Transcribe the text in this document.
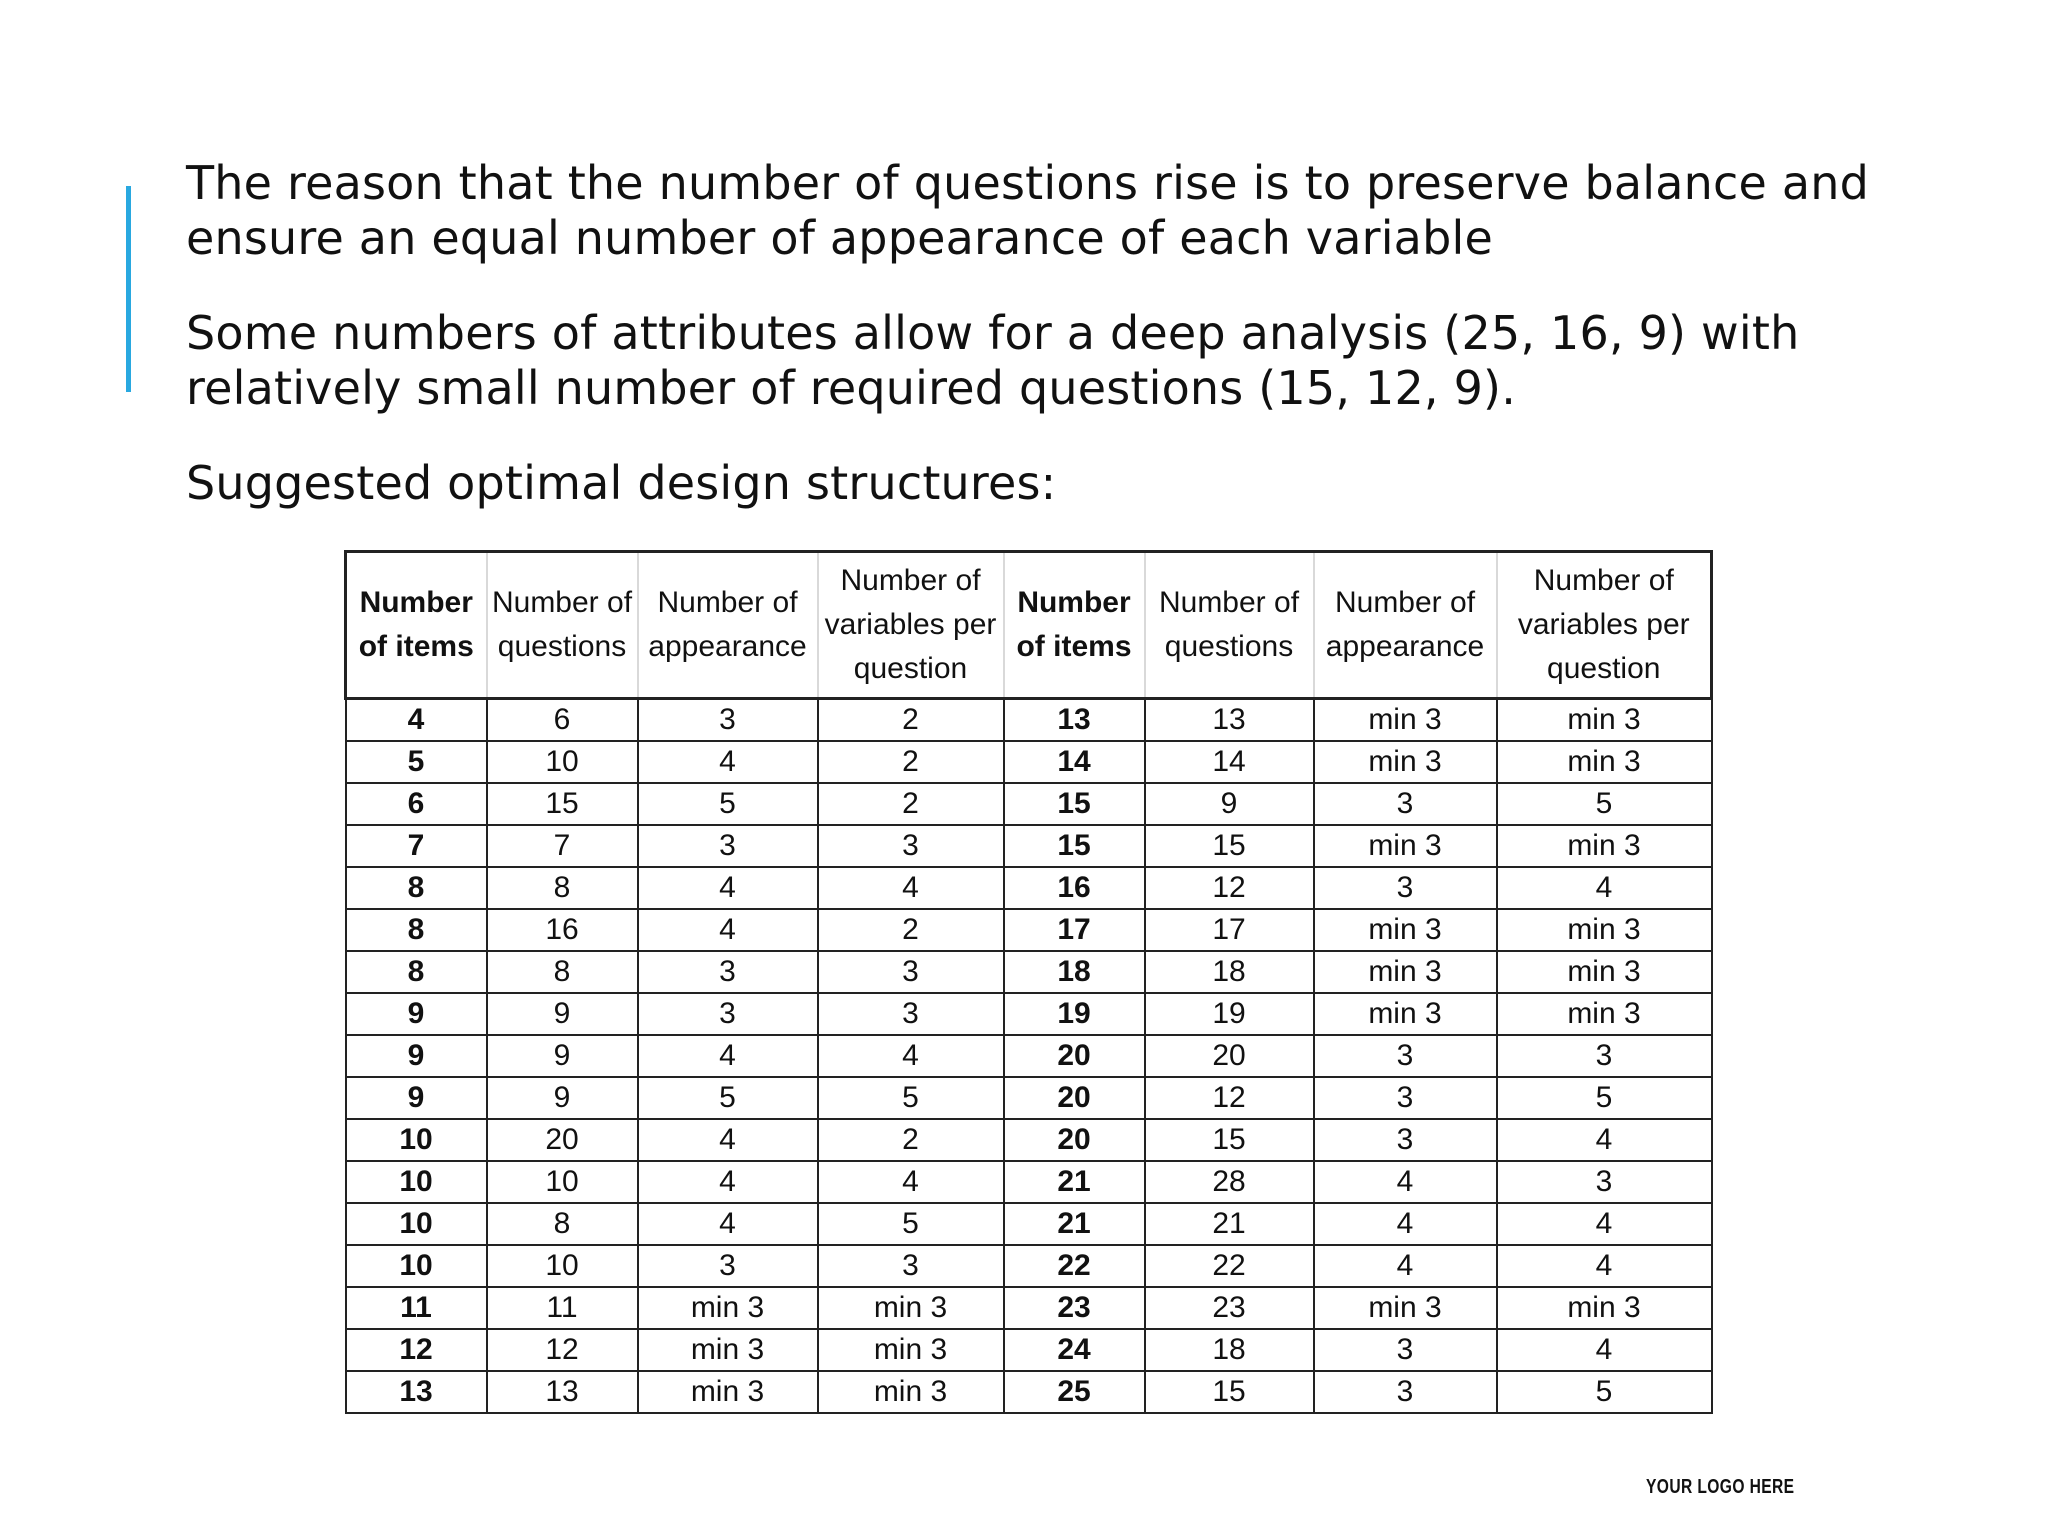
The reason that the number of questions rise is to preserve balance and ensure an equal number of appearance of each variable

Some numbers of attributes allow for a deep analysis (25, 16, 9) with relatively small number of required questions (15, 12, 9).

Suggested optimal design structures:

Number of items	Number of questions	Number of appearance	Number of variables per question	Number of items	Number of questions	Number of appearance	Number of variables per question
4	6	3	2	13	13	min 3	min 3
5	10	4	2	14	14	min 3	min 3
6	15	5	2	15	9	3	5
7	7	3	3	15	15	min 3	min 3
8	8	4	4	16	12	3	4
8	16	4	2	17	17	min 3	min 3
8	8	3	3	18	18	min 3	min 3
9	9	3	3	19	19	min 3	min 3
9	9	4	4	20	20	3	3
9	9	5	5	20	12	3	5
10	20	4	2	20	15	3	4
10	10	4	4	21	28	4	3
10	8	4	5	21	21	4	4
10	10	3	3	22	22	4	4
11	11	min 3	min 3	23	23	min 3	min 3
12	12	min 3	min 3	24	18	3	4
13	13	min 3	min 3	25	15	3	5
YOUR LOGO HERE
